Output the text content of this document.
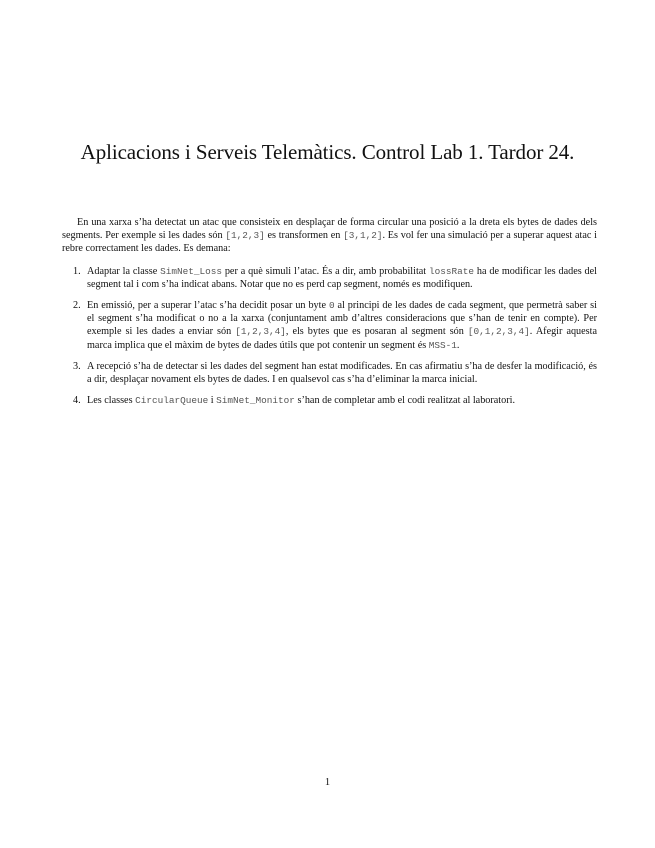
Aplicacions i Serveis Telemàtics. Control Lab 1. Tardor 24.

En una xarxa s’ha detectat un atac que consisteix en desplaçar de forma circular una posició a la dreta els bytes de dades dels segments. Per exemple si les dades són [1,2,3] es transformen en [3,1,2]. Es vol fer una simulació per a superar aquest atac i rebre correctament les dades. Es demana:

1. Adaptar la classe SimNet_Loss per a què simuli l’atac. És a dir, amb probabilitat lossRate ha de modificar les dades del segment tal i com s’ha indicat abans. Notar que no es perd cap segment, només es modifiquen.
2. En emissió, per a superar l’atac s’ha decidit posar un byte 0 al principi de les dades de cada segment, que permetrà saber si el segment s’ha modificat o no a la xarxa (conjuntament amb d’altres consideracions que s’han de tenir en compte). Per exemple si les dades a enviar són [1,2,3,4], els bytes que es posaran al segment són [0,1,2,3,4]. Afegir aquesta marca implica que el màxim de bytes de dades útils que pot contenir un segment és MSS-1.
3. A recepció s’ha de detectar si les dades del segment han estat modificades. En cas afirmatiu s’ha de desfer la modificació, és a dir, desplaçar novament els bytes de dades. I en qualsevol cas s’ha d’eliminar la marca inicial.
4. Les classes CircularQueue i SimNet_Monitor s’han de completar amb el codi realitzat al laboratori.
1
